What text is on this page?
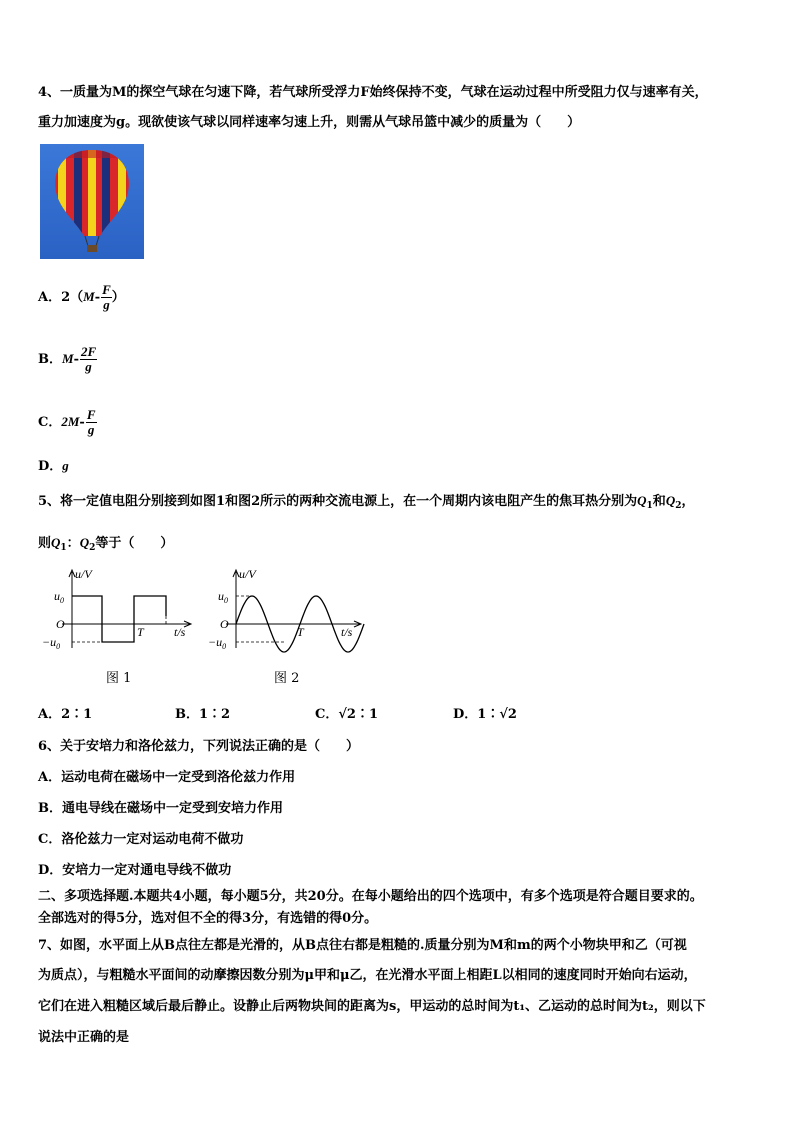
4、一质量为M的探空气球在匀速下降，若气球所受浮力F始终保持不变，气球在运动过程中所受阻力仅与速率有关，
重力加速度为g。现欲使该气球以同样速率匀速上升，则需从气球吊篮中减少的质量为（　　）
A．$2(M- \frac{F}{g}$ ）
B．$M- \frac{2F}{g}$
C．$2M- \frac{F}{g}$
D．g
5、将一定值电阻分别接到如图1和图2所示的两种交流电源上，在一个周期内该电阻产生的焦耳热分别为$Q_1$和$Q_2$，
则$Q_1$：$Q_2$等于（　　）
u/V
$u_0$
O
$-u_0$
T	t/s
图 1
u/V
$u_0$
O
$-u_0$
T	t/s
图 2
A．2∶1	B．1∶2	C．√2∶1	D．1∶√2
6、关于安培力和洛伦兹力，下列说法正确的是（　　）
A．运动电荷在磁场中一定受到洛伦兹力作用
B．通电导线在磁场中一定受到安培力作用
C．洛伦兹力一定对运动电荷不做功
D．安培力一定对通电导线不做功
二、多项选择题.本题共4小题，每小题5分，共20分。在每小题给出的四个选项中，有多个选项是符合题目要求的。
全部选对的得5分，选对但不全的得3分，有选错的得0分。
7、如图，水平面上从B点往左都是光滑的，从B点往右都是粗糙的.质量分别为M和m的两个小物块甲和乙（可视
为质点），与粗糙水平面间的动摩擦因数分别为μ甲和μ乙，在光滑水平面上相距L以相同的速度同时开始向右运动，
它们在进入粗糙区域后最后静止。设静止后两物块间的距离为s，甲运动的总时间为t₁、乙运动的总时间为t₂，则以下
说法中正确的是
